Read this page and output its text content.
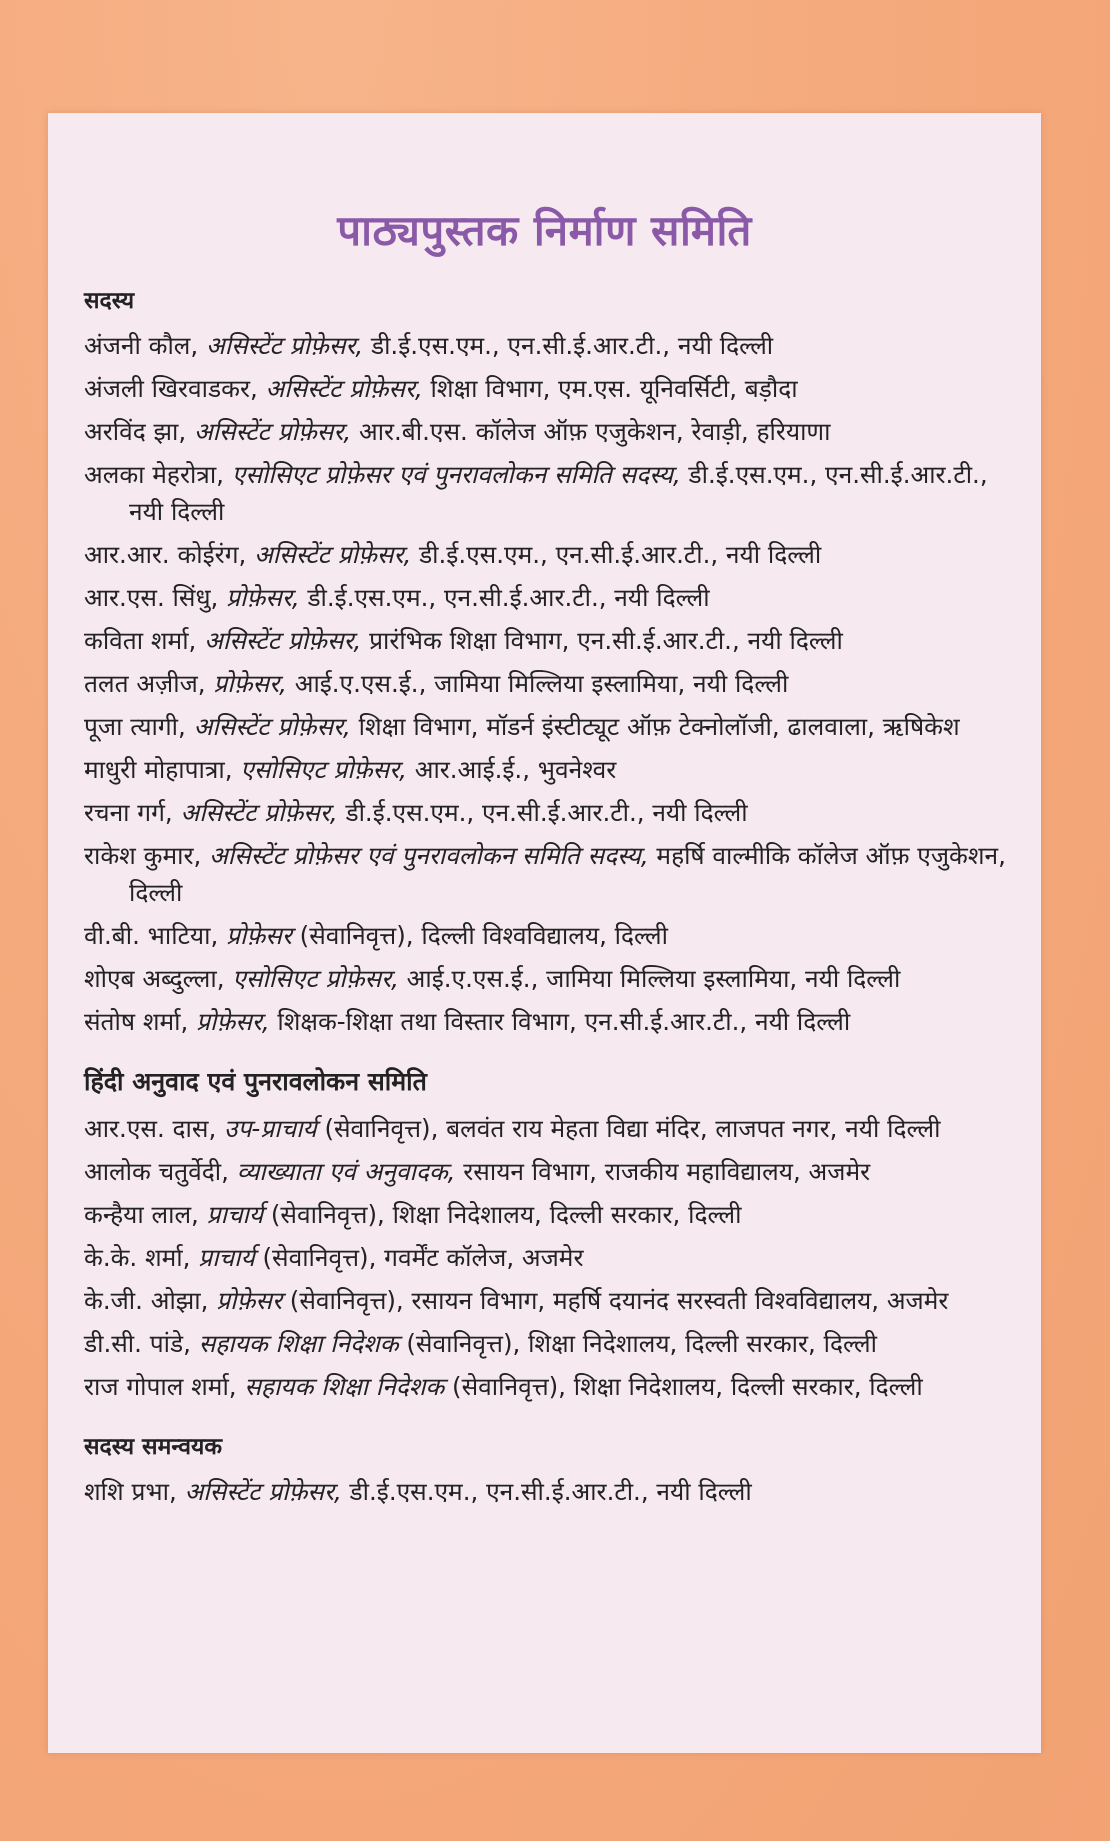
पाठ्यपुस्तक निर्माण समिति
सदस्य
अंजनी कौल, असिस्टेंट प्रोफ़ेसर, डी.ई.एस.एम., एन.सी.ई.आर.टी., नयी दिल्ली
अंजली खिरवाडकर, असिस्टेंट प्रोफ़ेसर, शिक्षा विभाग, एम.एस. यूनिवर्सिटी, बड़ौदा
अरविंद झा, असिस्टेंट प्रोफ़ेसर, आर.बी.एस. कॉलेज ऑफ़ एजुकेशन, रेवाड़ी, हरियाणा
अलका मेहरोत्रा, एसोसिएट प्रोफ़ेसर एवं पुनरावलोकन समिति सदस्य, डी.ई.एस.एम., एन.सी.ई.आर.टी., नयी दिल्ली
आर.आर. कोईरंग, असिस्टेंट प्रोफ़ेसर, डी.ई.एस.एम., एन.सी.ई.आर.टी., नयी दिल्ली
आर.एस. सिंधु, प्रोफ़ेसर, डी.ई.एस.एम., एन.सी.ई.आर.टी., नयी दिल्ली
कविता शर्मा, असिस्टेंट प्रोफ़ेसर, प्रारंभिक शिक्षा विभाग, एन.सी.ई.आर.टी., नयी दिल्ली
तलत अज़ीज, प्रोफ़ेसर, आई.ए.एस.ई., जामिया मिल्लिया इस्लामिया, नयी दिल्ली
पूजा त्यागी, असिस्टेंट प्रोफ़ेसर, शिक्षा विभाग, मॉडर्न इंस्टीट्यूट ऑफ़ टेक्नोलॉजी, ढालवाला, ऋषिकेश
माधुरी मोहापात्रा, एसोसिएट प्रोफ़ेसर, आर.आई.ई., भुवनेश्वर
रचना गर्ग, असिस्टेंट प्रोफ़ेसर, डी.ई.एस.एम., एन.सी.ई.आर.टी., नयी दिल्ली
राकेश कुमार, असिस्टेंट प्रोफ़ेसर एवं पुनरावलोकन समिति सदस्य, महर्षि वाल्मीकि कॉलेज ऑफ़ एजुकेशन, दिल्ली
वी.बी. भाटिया, प्रोफ़ेसर (सेवानिवृत्त), दिल्ली विश्वविद्यालय, दिल्ली
शोएब अब्दुल्ला, एसोसिएट प्रोफ़ेसर, आई.ए.एस.ई., जामिया मिल्लिया इस्लामिया, नयी दिल्ली
संतोष शर्मा, प्रोफ़ेसर, शिक्षक-शिक्षा तथा विस्तार विभाग, एन.सी.ई.आर.टी., नयी दिल्ली
हिंदी अनुवाद एवं पुनरावलोकन समिति
आर.एस. दास, उप-प्राचार्य (सेवानिवृत्त), बलवंत राय मेहता विद्या मंदिर, लाजपत नगर, नयी दिल्ली
आलोक चतुर्वेदी, व्याख्याता एवं अनुवादक, रसायन विभाग, राजकीय महाविद्यालय, अजमेर
कन्हैया लाल, प्राचार्य (सेवानिवृत्त), शिक्षा निदेशालय, दिल्ली सरकार, दिल्ली
के.के. शर्मा, प्राचार्य (सेवानिवृत्त), गवर्मेंट कॉलेज, अजमेर
के.जी. ओझा, प्रोफ़ेसर (सेवानिवृत्त), रसायन विभाग, महर्षि दयानंद सरस्वती विश्वविद्यालय, अजमेर
डी.सी. पांडे, सहायक शिक्षा निदेशक (सेवानिवृत्त), शिक्षा निदेशालय, दिल्ली सरकार, दिल्ली
राज गोपाल शर्मा, सहायक शिक्षा निदेशक (सेवानिवृत्त), शिक्षा निदेशालय, दिल्ली सरकार, दिल्ली
सदस्य समन्वयक
शशि प्रभा, असिस्टेंट प्रोफ़ेसर, डी.ई.एस.एम., एन.सी.ई.आर.टी., नयी दिल्ली
